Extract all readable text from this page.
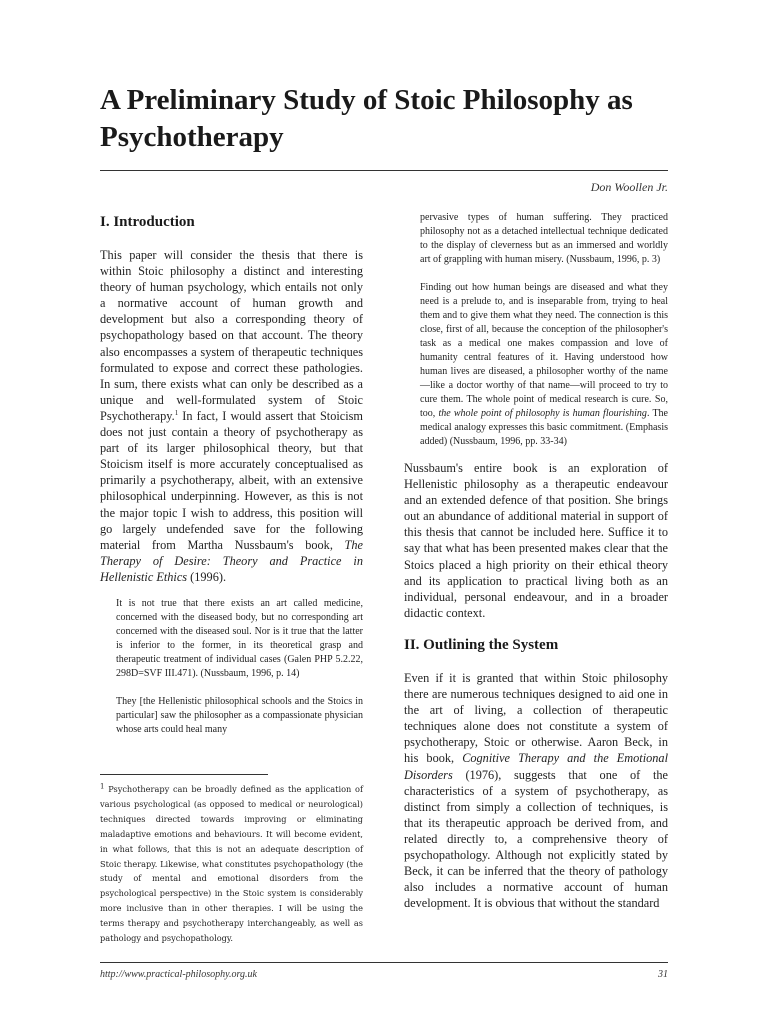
A Preliminary Study of Stoic Philosophy as Psychotherapy
Don Woollen Jr.
I. Introduction

This paper will consider the thesis that there is within Stoic philosophy a distinct and interesting theory of human psychology, which entails not only a normative account of human growth and development but also a corresponding theory of psychopathology based on that account. The theory also encompasses a system of therapeutic techniques formulated to expose and correct these pathologies. In sum, there exists what can only be described as a unique and well-formulated system of Stoic Psychotherapy.$^1$ In fact, I would assert that Stoicism does not just contain a theory of psychotherapy as part of its larger philosophical theory, but that Stoicism itself is more accurately conceptualised as primarily a psychotherapy, albeit, with an extensive philosophical underpinning. However, as this is not the major topic I wish to address, this position will go largely undefended save for the following material from Martha Nussbaum's book, The Therapy of Desire: Theory and Practice in Hellenistic Ethics (1996).

It is not true that there exists an art called medicine, concerned with the diseased body, but no corresponding art concerned with the diseased soul. Nor is it true that the latter is inferior to the former, in its theoretical grasp and therapeutic treatment of individual cases (Galen PHP 5.2.22, 298D=SVF III.471). (Nussbaum, 1996, p. 14)

They [the Hellenistic philosophical schools and the Stoics in particular] saw the philosopher as a compassionate physician whose arts could heal many

pervasive types of human suffering. They practiced philosophy not as a detached intellectual technique dedicated to the display of cleverness but as an immersed and worldly art of grappling with human misery. (Nussbaum, 1996, p. 3)

Finding out how human beings are diseased and what they need is a prelude to, and is inseparable from, trying to heal them and to give them what they need. The connection is this close, first of all, because the conception of the philosopher's task as a medical one makes compassion and love of humanity central features of it. Having understood how human lives are diseased, a philosopher worthy of the name—like a doctor worthy of that name—will proceed to try to cure them. The whole point of medical research is cure. So, too, the whole point of philosophy is human flourishing. The medical analogy expresses this basic commitment. (Emphasis added) (Nussbaum, 1996, pp. 33-34)

Nussbaum's entire book is an exploration of Hellenistic philosophy as a therapeutic endeavour and an extended defence of that position. She brings out an abundance of additional material in support of this thesis that cannot be included here. Suffice it to say that what has been presented makes clear that the Stoics placed a high priority on their ethical theory and its application to practical living both as an individual, personal endeavour, and in a broader didactic context.

II. Outlining the System

Even if it is granted that within Stoic philosophy there are numerous techniques designed to aid one in the art of living, a collection of therapeutic techniques alone does not constitute a system of psychotherapy, Stoic or otherwise. Aaron Beck, in his book, Cognitive Therapy and the Emotional Disorders (1976), suggests that one of the characteristics of a system of psychotherapy, as distinct from simply a collection of techniques, is that its therapeutic approach be derived from, and related directly to, a comprehensive theory of psychopathology. Although not explicitly stated by Beck, it can be inferred that the theory of pathology also includes a normative account of human development. It is obvious that without the standard

$^1$ Psychotherapy can be broadly defined as the application of various psychological (as opposed to medical or neurological) techniques directed towards improving or eliminating maladaptive emotions and behaviours. It will become evident, in what follows, that this is not an adequate description of Stoic therapy. Likewise, what constitutes psychopathology (the study of mental and emotional disorders from the psychological perspective) in the Stoic system is considerably more inclusive than in other therapies. I will be using the terms therapy and psychotherapy interchangeably, as well as pathology and psychopathology.

http://www.practical-philosophy.org.uk	31
